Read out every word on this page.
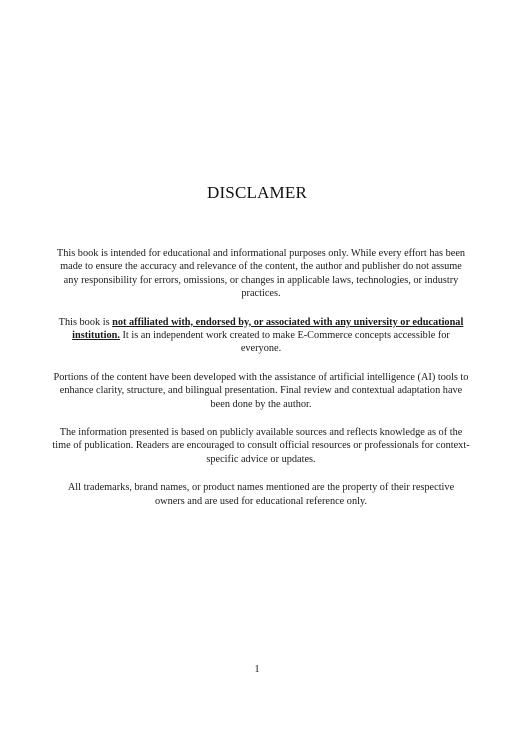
DISCLAMER

This book is intended for educational and informational purposes only. While every effort has been made to ensure the accuracy and relevance of the content, the author and publisher do not assume any responsibility for errors, omissions, or changes in applicable laws, technologies, or industry practices.

This book is not affiliated with, endorsed by, or associated with any university or educational institution. It is an independent work created to make E-Commerce concepts accessible for everyone.

Portions of the content have been developed with the assistance of artificial intelligence (AI) tools to enhance clarity, structure, and bilingual presentation. Final review and contextual adaptation have been done by the author.

The information presented is based on publicly available sources and reflects knowledge as of the time of publication. Readers are encouraged to consult official resources or professionals for context-specific advice or updates.

All trademarks, brand names, or product names mentioned are the property of their respective owners and are used for educational reference only.

1
